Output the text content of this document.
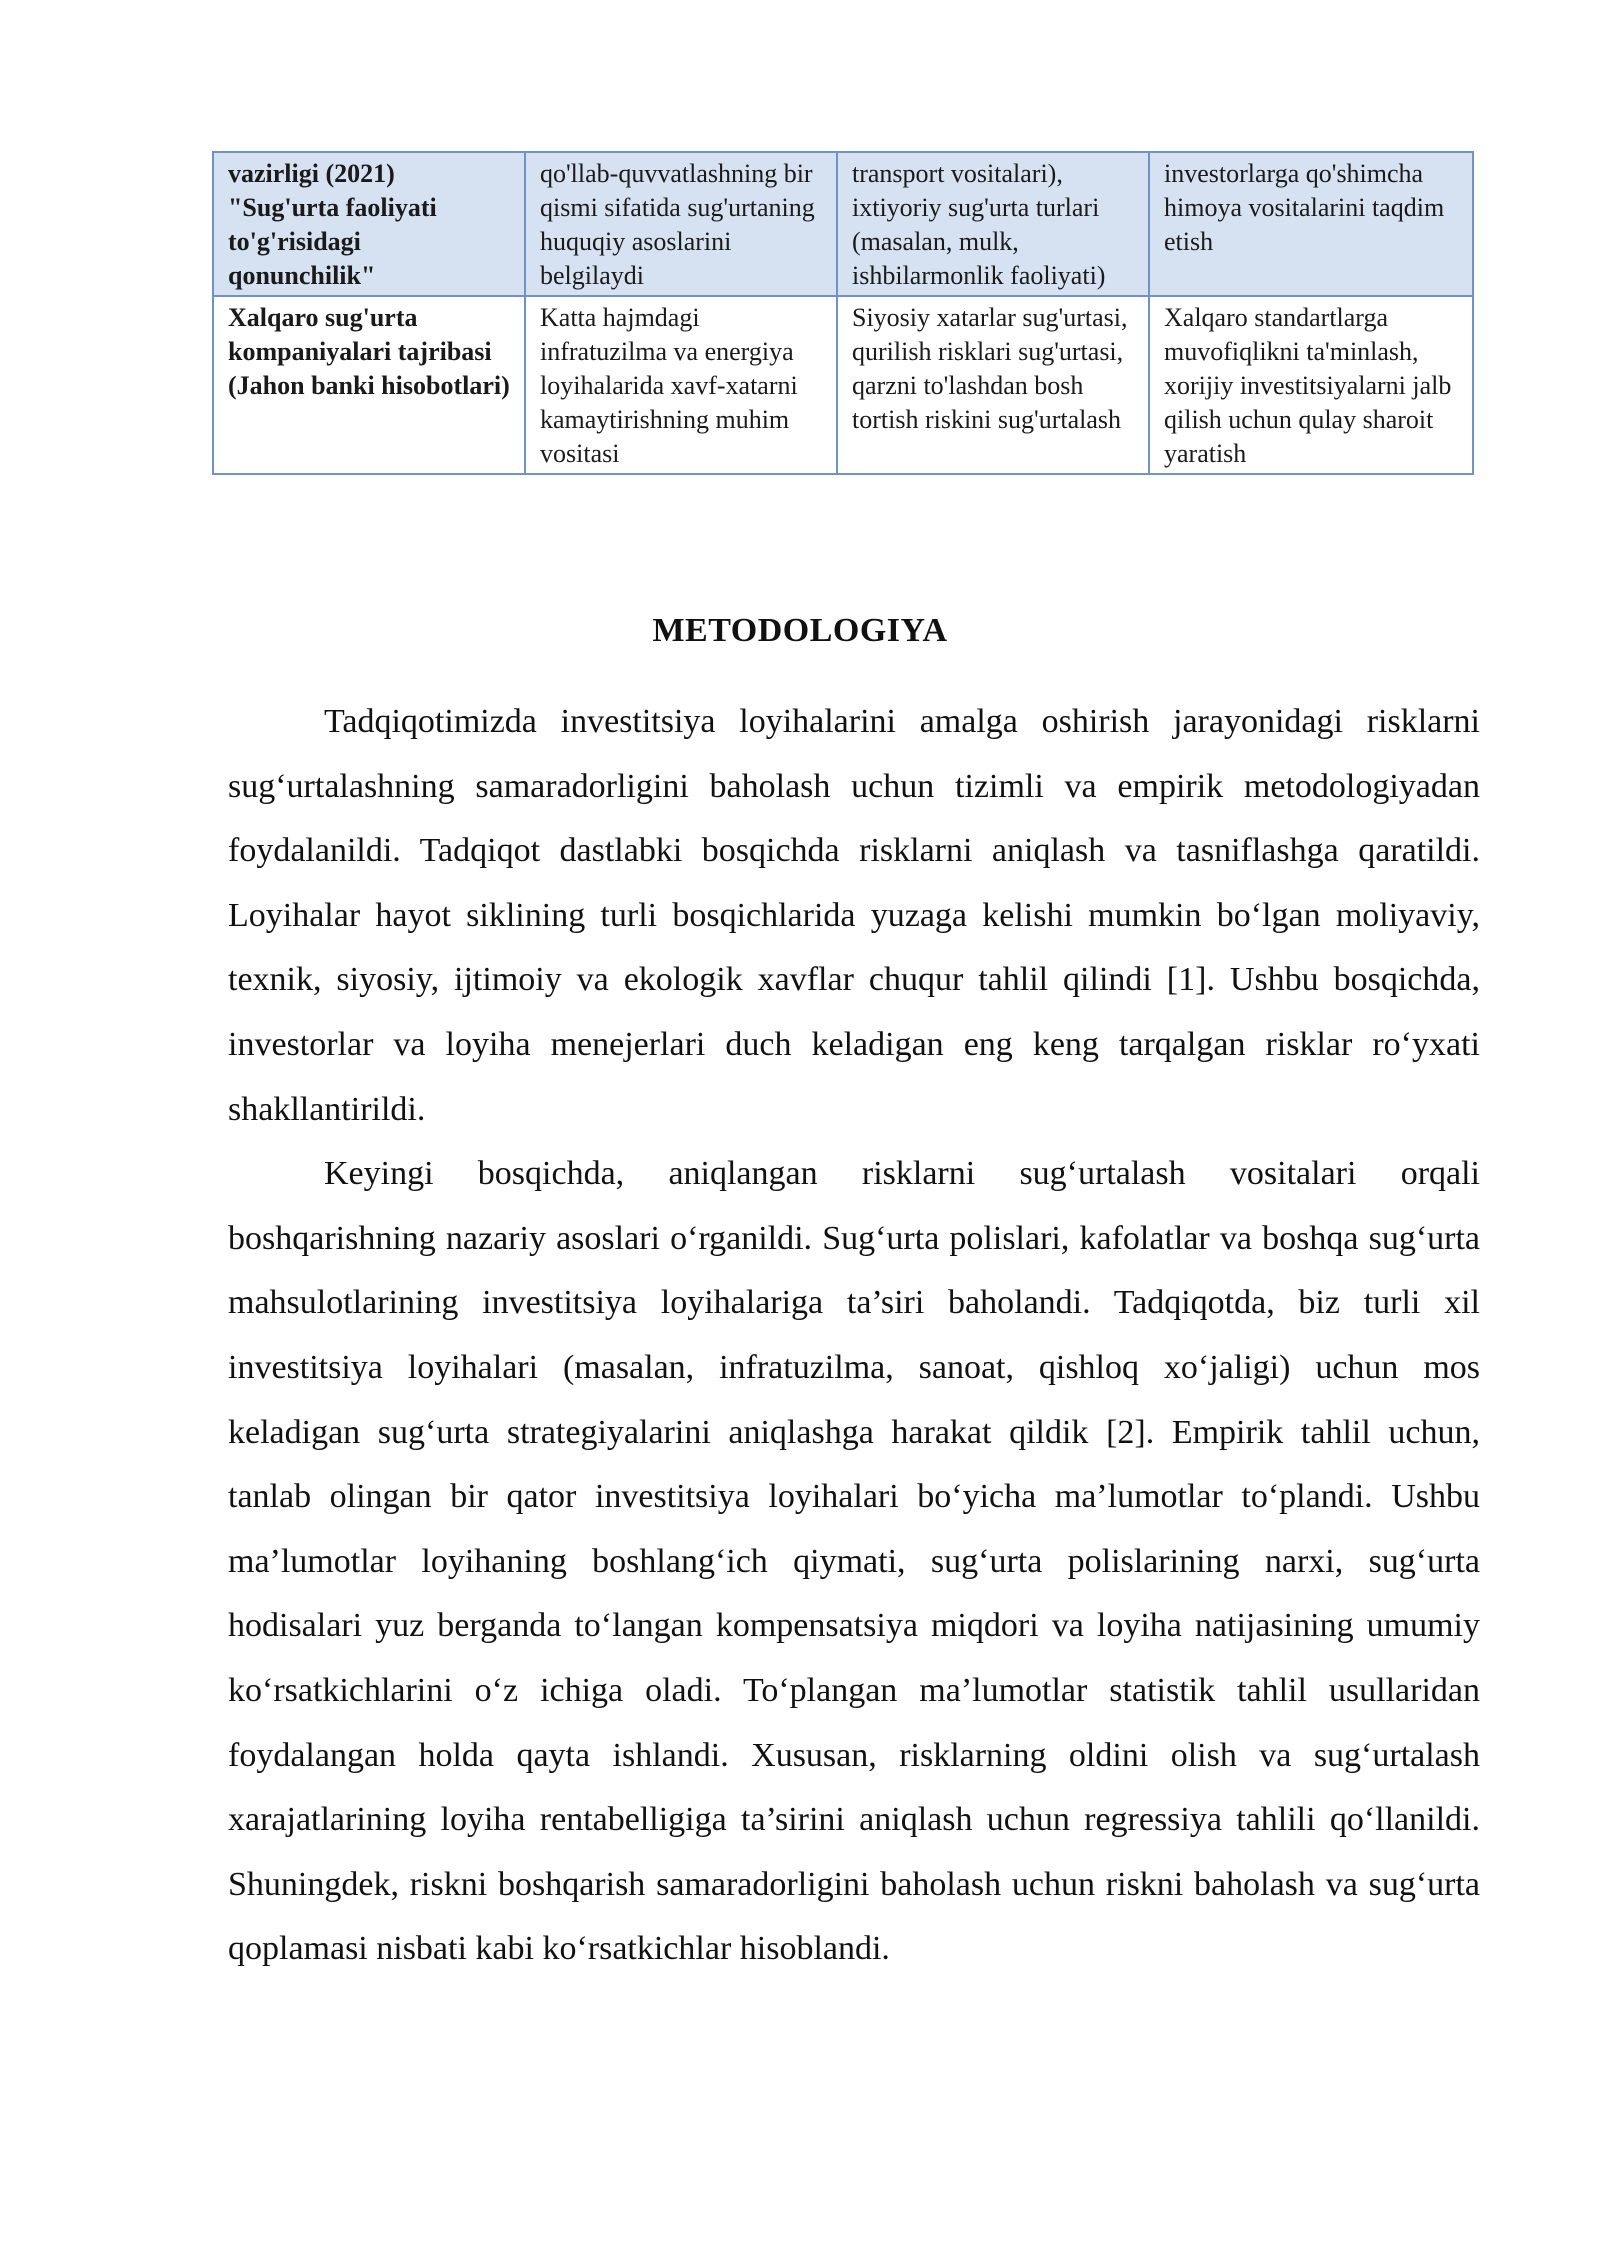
vazirligi (2021) "Sug'urta faoliyati to'g'risidagi qonunchilik"	qo'llab-quvvatlashning bir qismi sifatida sug'urtaning huquqiy asoslarini belgilaydi	transport vositalari), ixtiyoriy sug'urta turlari (masalan, mulk, ishbilarmonlik faoliyati)	investorlarga qo'shimcha himoya vositalarini taqdim etish
Xalqaro sug'urta kompaniyalari tajribasi (Jahon banki hisobotlari)	Katta hajmdagi infratuzilma va energiya loyihalarida xavf-xatarni kamaytirishning muhim vositasi	Siyosiy xatarlar sug'urtasi, qurilish risklari sug'urtasi, qarzni to'lashdan bosh tortish riskini sug'urtalash	Xalqaro standartlarga muvofiqlikni ta'minlash, xorijiy investitsiyalarni jalb qilish uchun qulay sharoit yaratish
METODOLOGIYA

Tadqiqotimizda investitsiya loyihalarini amalga oshirish jarayonidagi risklarni sug‘urtalashning samaradorligini baholash uchun tizimli va empirik metodologiyadan foydalanildi. Tadqiqot dastlabki bosqichda risklarni aniqlash va tasniflashga qaratildi. Loyihalar hayot siklining turli bosqichlarida yuzaga kelishi mumkin bo‘lgan moliyaviy, texnik, siyosiy, ijtimoiy va ekologik xavflar chuqur tahlil qilindi [1]. Ushbu bosqichda, investorlar va loyiha menejerlari duch keladigan eng keng tarqalgan risklar ro‘yxati shakllantirildi.

Keyingi bosqichda, aniqlangan risklarni sug‘urtalash vositalari orqali boshqarishning nazariy asoslari o‘rganildi. Sug‘urta polislari, kafolatlar va boshqa sug‘urta mahsulotlarining investitsiya loyihalariga ta’siri baholandi. Tadqiqotda, biz turli xil investitsiya loyihalari (masalan, infratuzilma, sanoat, qishloq xo‘jaligi) uchun mos keladigan sug‘urta strategiyalarini aniqlashga harakat qildik [2]. Empirik tahlil uchun, tanlab olingan bir qator investitsiya loyihalari bo‘yicha ma’lumotlar to‘plandi. Ushbu ma’lumotlar loyihaning boshlang‘ich qiymati, sug‘urta polislarining narxi, sug‘urta hodisalari yuz berganda to‘langan kompensatsiya miqdori va loyiha natijasining umumiy ko‘rsatkichlarini o‘z ichiga oladi. To‘plangan ma’lumotlar statistik tahlil usullaridan foydalangan holda qayta ishlandi. Xususan, risklarning oldini olish va sug‘urtalash xarajatlarining loyiha rentabelligiga ta’sirini aniqlash uchun regressiya tahlili qo‘llanildi. Shuningdek, riskni boshqarish samaradorligini baholash uchun riskni baholash va sug‘urta qoplamasi nisbati kabi ko‘rsatkichlar hisoblandi.
